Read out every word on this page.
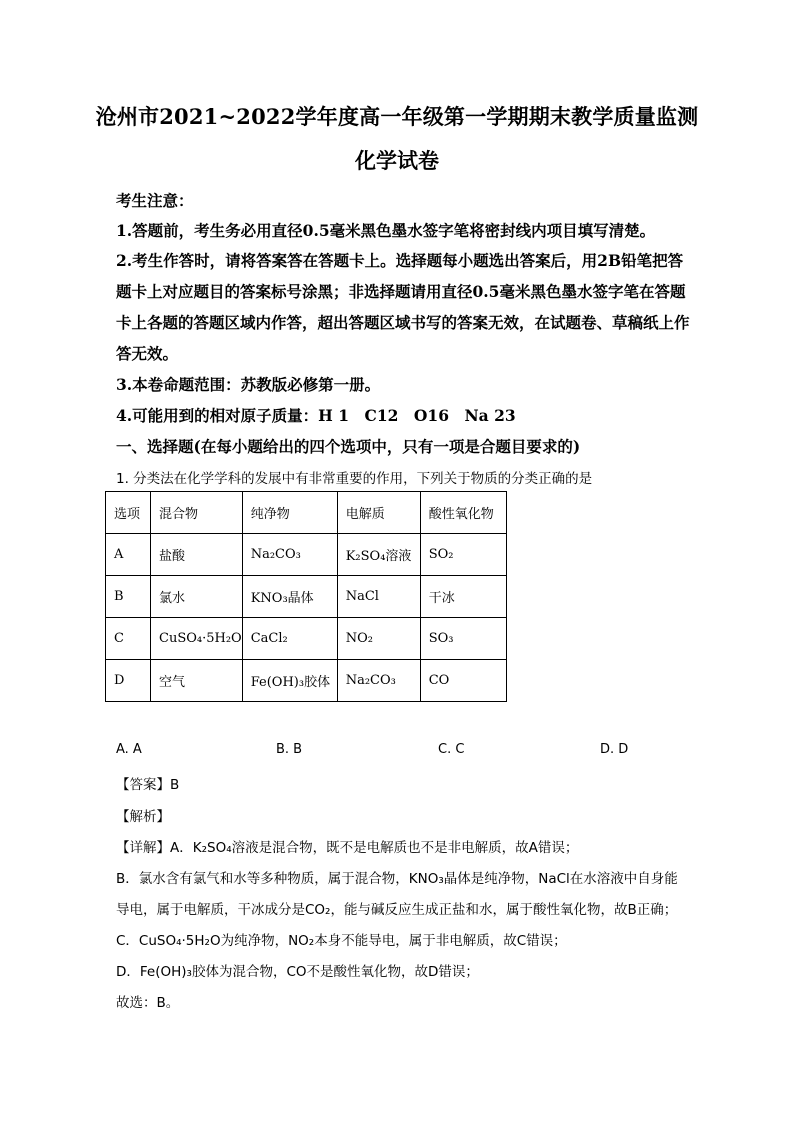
沧州市2021~2022学年度高一年级第一学期期末教学质量监测
化学试卷
考生注意：
1.答题前，考生务必用直径0.5毫米黑色墨水签字笔将密封线内项目填写清楚。
2.考生作答时，请将答案答在答题卡上。选择题每小题选出答案后，用2B铅笔把答
题卡上对应题目的答案标号涂黑；非选择题请用直径0.5毫米黑色墨水签字笔在答题
卡上各题的答题区域内作答，超出答题区域书写的答案无效，在试题卷、草稿纸上作
答无效。
3.本卷命题范围：苏教版必修第一册。
4.可能用到的相对原子质量：H 1　C12　O16　Na 23
一、选择题(在每小题给出的四个选项中，只有一项是合题目要求的)
1. 分类法在化学学科的发展中有非常重要的作用，下列关于物质的分类正确的是
选项	混合物	纯净物	电解质	酸性氧化物
A	盐酸	Na₂CO₃	K₂SO₄溶液	SO₂
B	氯水	KNO₃晶体	NaCl	干冰
C	CuSO₄·5H₂O	CaCl₂	NO₂	SO₃
D	空气	Fe(OH)₃胶体	Na₂CO₃	CO
A. A	B. B	C. C	D. D
【答案】B
【解析】
【详解】A．K₂SO₄溶液是混合物，既不是电解质也不是非电解质，故A错误；
B．氯水含有氯气和水等多种物质，属于混合物，KNO₃晶体是纯净物，NaCl在水溶液中自身能
导电，属于电解质，干冰成分是CO₂，能与碱反应生成正盐和水，属于酸性氧化物，故B正确；
C．CuSO₄·5H₂O为纯净物，NO₂本身不能导电，属于非电解质，故C错误；
D．Fe(OH)₃胶体为混合物，CO不是酸性氧化物，故D错误；
故选：B。
